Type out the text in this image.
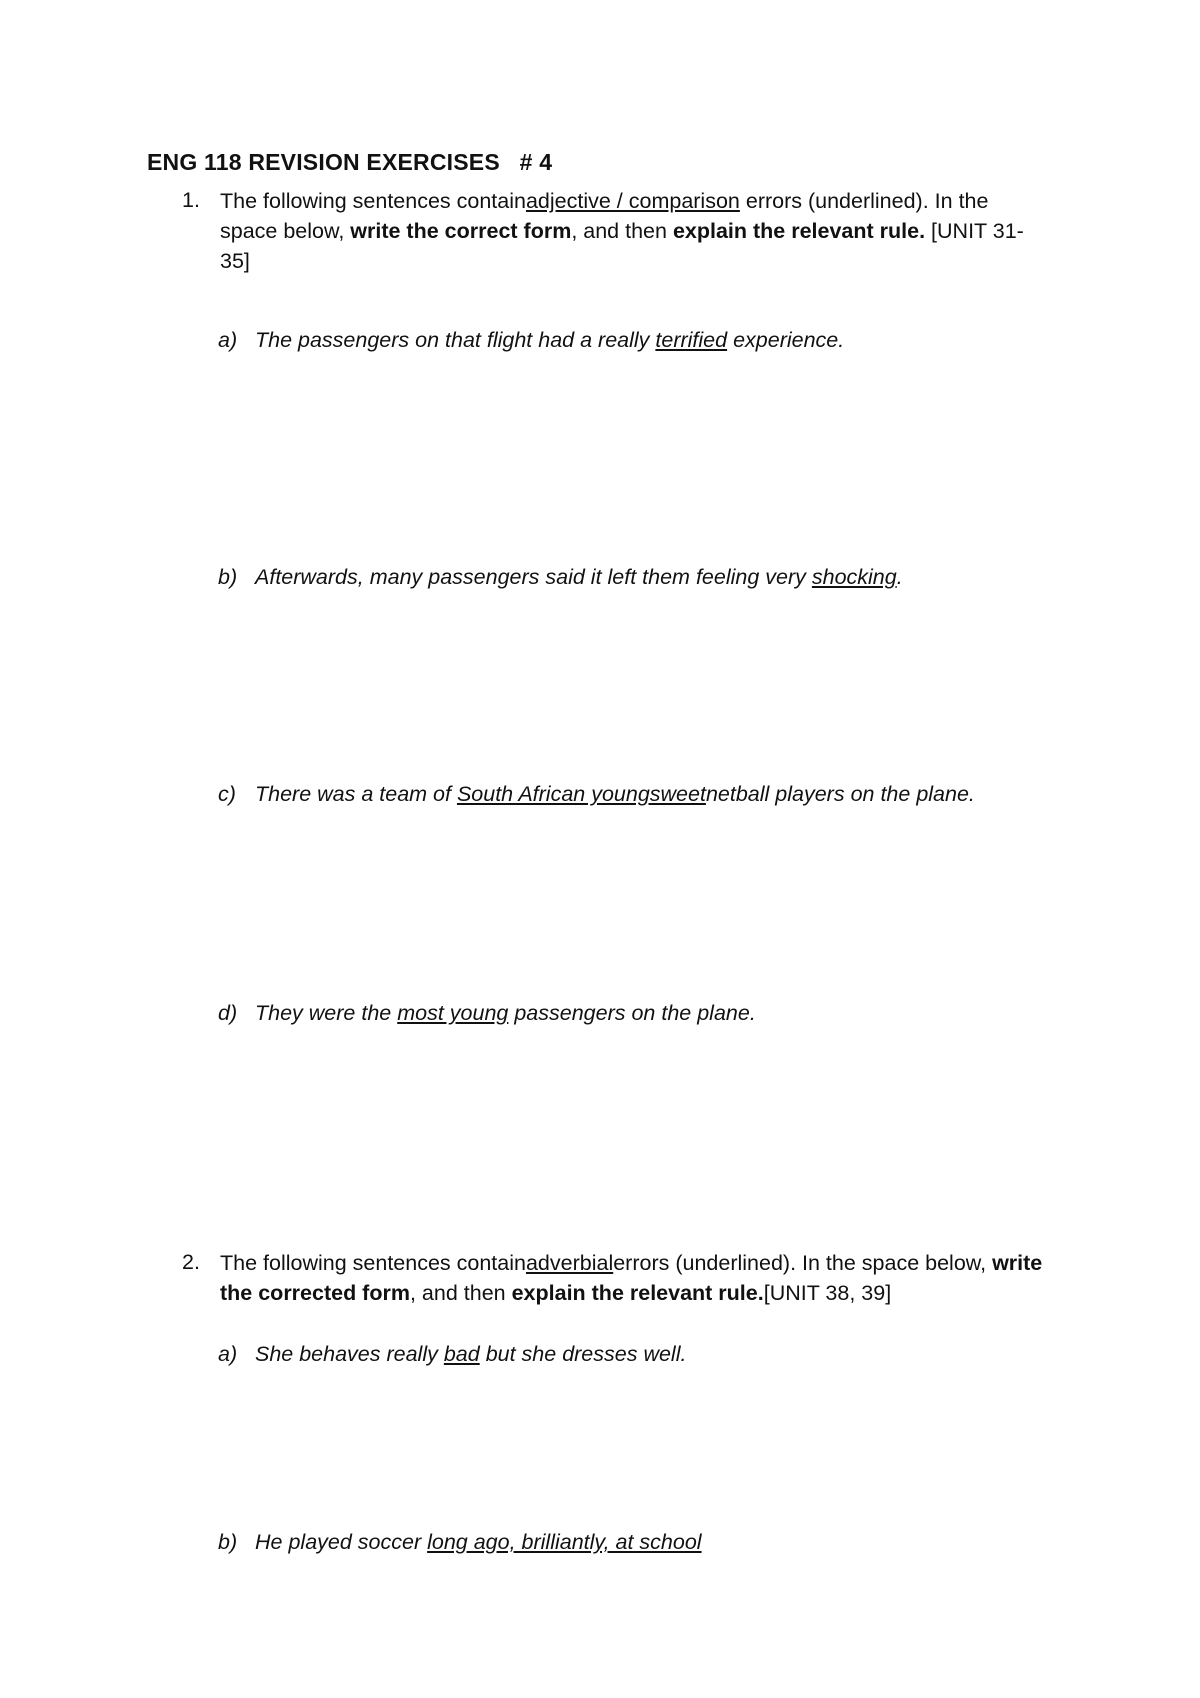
ENG 118 REVISION EXERCISES   # 4
1. The following sentences containadjective / comparison errors (underlined). In the space below, write the correct form, and then explain the relevant rule. [UNIT 31-35]
a) The passengers on that flight had a really terrified experience.
b) Afterwards, many passengers said it left them feeling very shocking.
c) There was a team of South African youngsweetnetball players on the plane.
d) They were the most young passengers on the plane.
2. The following sentences containadverbialerrors (underlined). In the space below, write the corrected form, and then explain the relevant rule.[UNIT 38, 39]
a) She behaves really bad but she dresses well.
b) He played soccer long ago, brilliantly, at school
